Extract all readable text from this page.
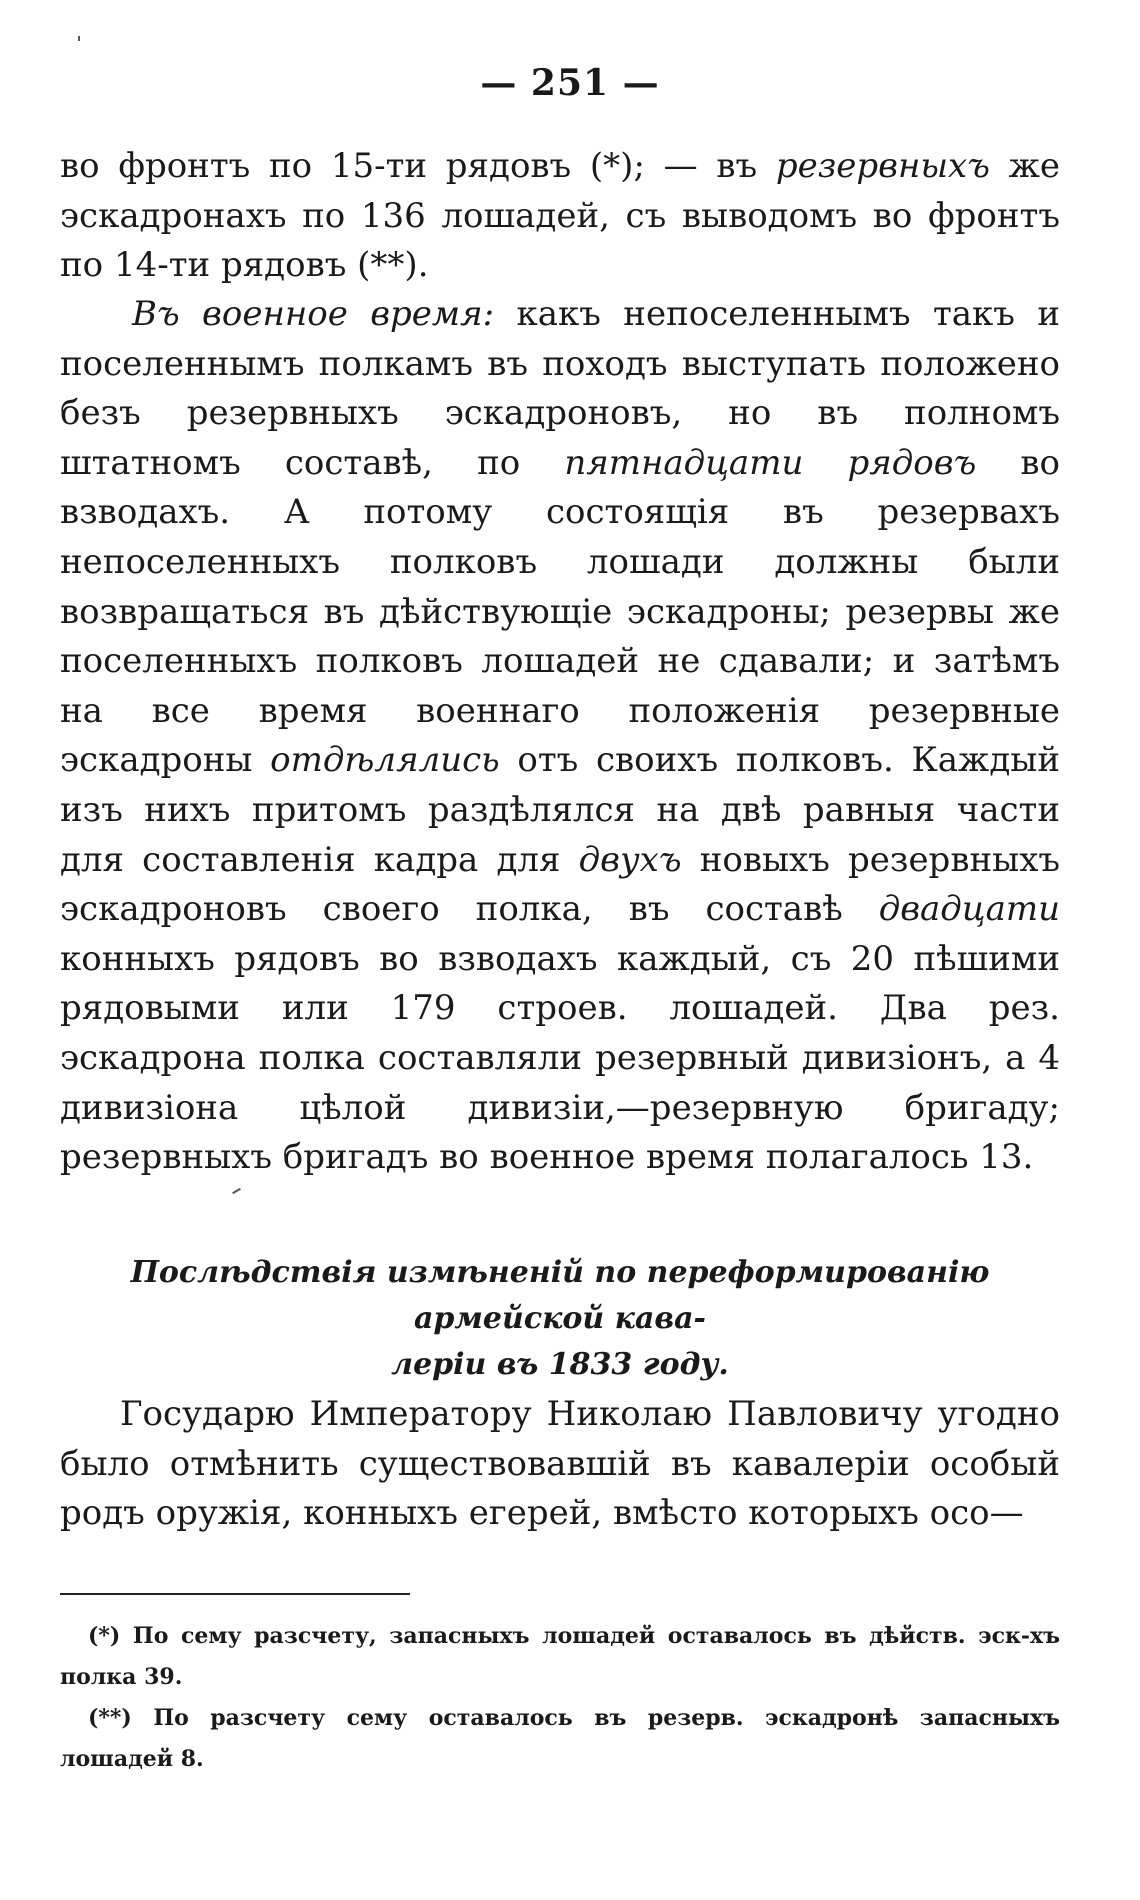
— 251 —

во фронтъ по 15-ти рядовъ (*); — въ резервныхъ же эскадронахъ по 136 лошадей, съ выводомъ во фронтъ по 14-ти рядовъ (**).

Въ военное время: какъ непоселеннымъ такъ и поселеннымъ полкамъ въ походъ выступать положено безъ резервныхъ эскадроновъ, но въ полномъ штатномъ составѣ, по пятнадцати рядовъ во взводахъ. А потому состоящія въ резервахъ непоселенныхъ полковъ лошади должны были возвращаться въ дѣйствующіе эскадроны; резервы же поселенныхъ полковъ лошадей не сдавали; и затѣмъ на все время военнаго положенія резервные эскадроны отдѣлялись отъ своихъ полковъ. Каждый изъ нихъ притомъ раздѣлялся на двѣ равныя части для составленія кадра для двухъ новыхъ резервныхъ эскадроновъ своего полка, въ составѣ двадцати конныхъ рядовъ во взводахъ каждый, съ 20 пѣшими рядовыми или 179 строев. лошадей. Два рез. эскадрона полка составляли резервный дивизіонъ, а 4 дивизіона цѣлой дивизіи,—резервную бригаду; резервныхъ бригадъ во военное время полагалось 13.

Послѣдствія измѣненій по переформированію армейской кава-
леріи въ 1833 году.

Государю Императору Николаю Павловичу угодно было отмѣнить существовавшій въ кавалеріи особый родъ оружія, конныхъ егерей, вмѣсто которыхъ осо—

(*) По сему разсчету, запасныхъ лошадей оставалось въ дѣйств. эск-хъ полка 39.

(**) По разсчету сему оставалось въ резерв. эскадронѣ запасныхъ лошадей 8.
